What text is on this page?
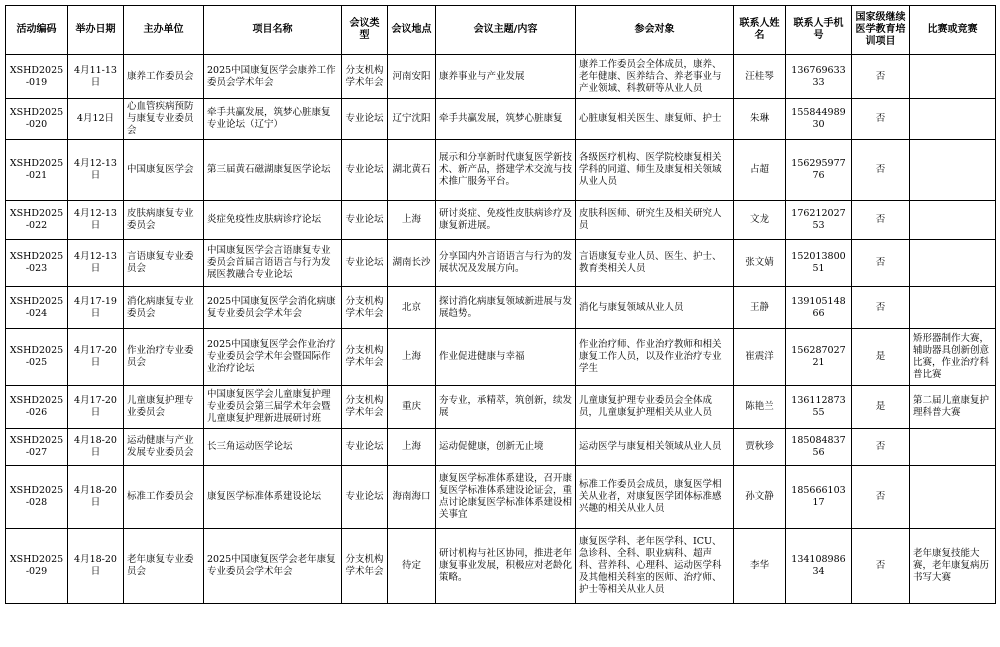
活动编码	举办日期	主办单位	项目名称	会议类型	会议地点	会议主题/内容	参会对象	联系人姓名	联系人手机号	国家级继续医学教育培训项目	比赛或竞赛
XSHD2025-019	4月11-13日	康养工作委员会	2025中国康复医学会康养工作委员会学术年会	分支机构学术年会	河南安阳	康养事业与产业发展	康养工作委员会全体成员，康养、老年健康、医养结合、养老事业与产业领域、科教研等从业人员	汪桂琴	13676963333	否	
XSHD2025-020	4月12日	心血管疾病预防与康复专业委员会	牵手共赢发展，筑梦心脏康复专业论坛（辽宁）	专业论坛	辽宁沈阳	牵手共赢发展，筑梦心脏康复	心脏康复相关医生、康复师、护士	朱琳	15584498930	否	
XSHD2025-021	4月12-13日	中国康复医学会	第三届黄石磁湖康复医学论坛	专业论坛	湖北黄石	展示和分享新时代康复医学新技术、新产品，搭建学术交流与技术推广服务平台。	各级医疗机构、医学院校康复相关学科的同道、师生及康复相关领域从业人员	占超	15629597776	否	
XSHD2025-022	4月12-13日	皮肤病康复专业委员会	炎症免疫性皮肤病诊疗论坛	专业论坛	上海	研讨炎症、免疫性皮肤病诊疗及康复新进展。	皮肤科医师、研究生及相关研究人员	文龙	17621202753	否	
XSHD2025-023	4月12-13日	言语康复专业委员会	中国康复医学会言语康复专业委员会首届言语语言与行为发展医教融合专业论坛	专业论坛	湖南长沙	分享国内外言语语言与行为的发展状况及发展方向。	言语康复专业人员、医生、护士、教育类相关人员	张文婧	15201380051	否	
XSHD2025-024	4月17-19日	消化病康复专业委员会	2025中国康复医学会消化病康复专业委员会学术年会	分支机构学术年会	北京	探讨消化病康复领域新进展与发展趋势。	消化与康复领域从业人员	王静	13910514866	否	
XSHD2025-025	4月17-20日	作业治疗专业委员会	2025中国康复医学会作业治疗专业委员会学术年会暨国际作业治疗论坛	分支机构学术年会	上海	作业促进健康与幸福	作业治疗师、作业治疗教师和相关康复工作人员，以及作业治疗专业学生	崔震洋	15628702721	是	矫形器制作大赛，辅助器具创新创意比赛，作业治疗科普比赛
XSHD2025-026	4月17-20日	儿童康复护理专业委员会	中国康复医学会儿童康复护理专业委员会第三届学术年会暨儿童康复护理新进展研讨班	分支机构学术年会	重庆	夯专业，承精萃，筑创新，续发展	儿童康复护理专业委员会全体成员，儿童康复护理相关从业人员	陈艳兰	13611287355	是	第二届儿童康复护理科普大赛
XSHD2025-027	4月18-20日	运动健康与产业发展专业委员会	长三角运动医学论坛	专业论坛	上海	运动促健康，创新无止境	运动医学与康复相关领域从业人员	贾秋珍	18508483756	否	
XSHD2025-028	4月18-20日	标准工作委员会	康复医学标准体系建设论坛	专业论坛	海南海口	康复医学标准体系建设，召开康复医学标准体系建设论证会，重点讨论康复医学标准体系建设相关事宜	标准工作委员会成员，康复医学相关从业者，对康复医学团体标准感兴趣的相关从业人员	孙文静	18566610317	否	
XSHD2025-029	4月18-20日	老年康复专业委员会	2025中国康复医学会老年康复专业委员会学术年会	分支机构学术年会	待定	研讨机构与社区协同，推进老年康复事业发展，积极应对老龄化策略。	康复医学科、老年医学科、ICU、急诊科、全科、职业病科、超声科、营养科、心理科、运动医学科及其他相关科室的医师、治疗师、护士等相关从业人员	李华	13410898634	否	老年康复技能大赛，老年康复病历书写大赛
